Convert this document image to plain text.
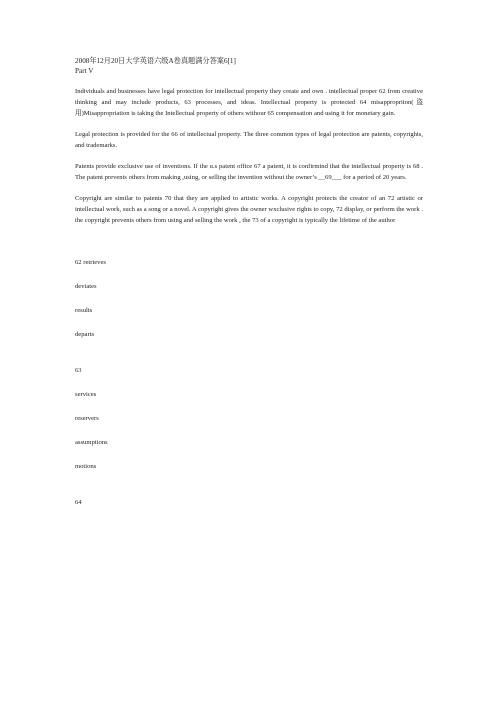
2008年12月20日大学英语六级A卷真题满分答案6[1]

Part V

Individuals and businesses have legal protection for intellectual property they create and own . intellectual proper 62 from creative thinking and may include products, 63 processes, and ideas. Intellectual property is protected 64 misappropriton(盗用)Misappropriation is taking the Intellectual property of others withour 65 compensation and using it for monetary gain.

Legal protection is provided for the 66 of intellectual property. The three common types of legal protection are patents, copyrights, and trademarks.

Patents provide exclusive use of inventions. If the u.s patent office 67 a patent, it is confirmind that the intellectual property is 68 . The patent prevents others from making ,using, or selling the invention without the owner’s __69___ for a period of 20 years.

Copyright are similar to patents 70 that they are applied to artistic works. A copyright protects the creator of an 72 artistic or intellectual work, such as a song or a novel. A copyright gives the owner wxclusive rights to copy, 72 display, or perform the work . the copyright prevents others from using and selling the work , the 73 of a copyright is typically the lifetime of the author

62 retrieves

deviates

results

departs

63

services

reservers

assumptions

motions

64
